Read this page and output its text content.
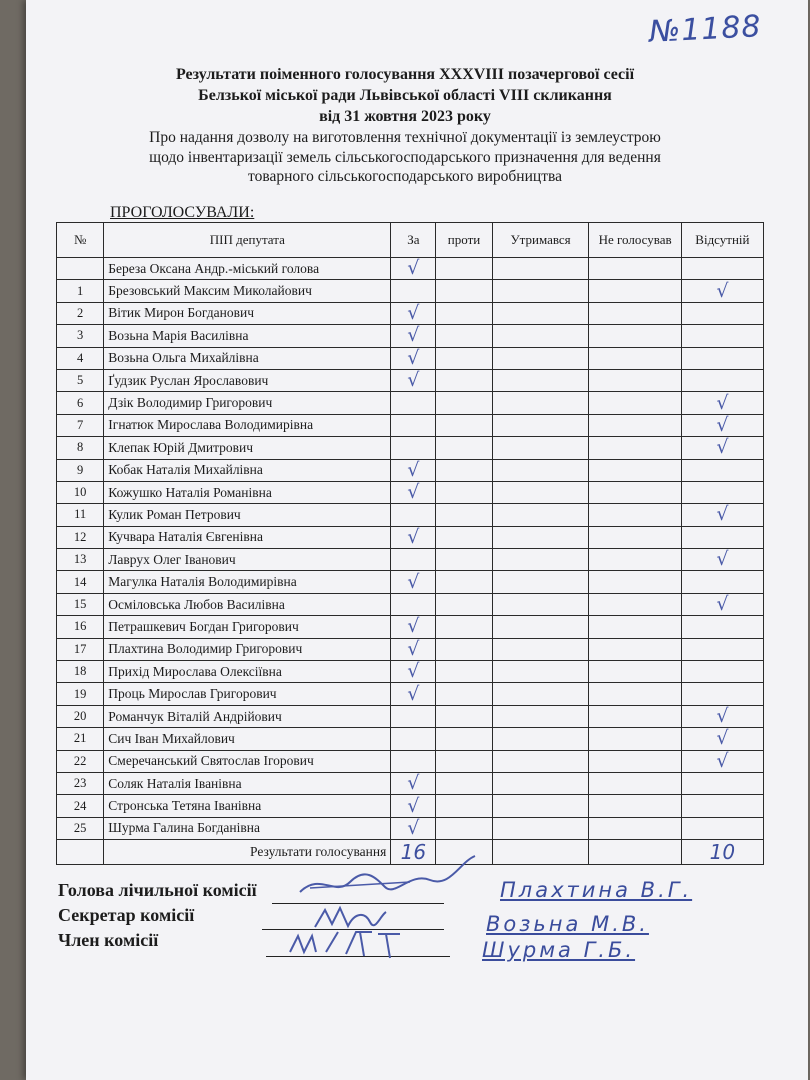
№1188
Результати поіменного голосування XXXVIII позачергової сесії
Белзької міської ради Львівської області VIII скликання
від 31 жовтня 2023 року
Про надання дозволу на виготовлення технічної документації із землеустрою
щодо інвентаризації земель сільськогосподарського призначення для ведення
товарного сільськогосподарського виробництва
ПРОГОЛОСУВАЛИ:
№	ПІП депутата	За	проти	Утримався	Не голосував	Відсутній
	Береза Оксана Андр.-міський голова	√				
1	Брезовський Максим Миколайович					√
2	Вітик Мирон Богданович	√				
3	Возьна Марія Василівна	√				
4	Возьна Ольга Михайлівна	√				
5	Ґудзик Руслан Ярославович	√				
6	Дзік Володимир Григорович					√
7	Ігнатюк Мирослава Володимирівна					√
8	Клепак Юрій Дмитрович					√
9	Кобак Наталія Михайлівна	√				
10	Кожушко Наталія Романівна	√				
11	Кулик Роман Петрович					√
12	Кучвара Наталія Євгенівна	√				
13	Лаврух Олег Іванович					√
14	Магулка Наталія Володимирівна	√				
15	Осміловська Любов Василівна					√
16	Петрашкевич Богдан Григорович	√				
17	Плахтина Володимир Григорович	√				
18	Прихід Мирослава Олексіївна	√				
19	Проць Мирослав Григорович	√				
20	Романчук Віталій Андрійович					√
21	Сич Іван Михайлович					√
22	Смеречанський Святослав Ігорович					√
23	Соляк Наталія Іванівна	√				
24	Стронська Тетяна Іванівна	√				
25	Шурма Галина Богданівна	√				
	Результати голосування	16				10
Голова лічильної комісії
Секретар комісії
Член комісії
Плахтина В.Г.
Возьна М.В.
Шурма Г.Б.
